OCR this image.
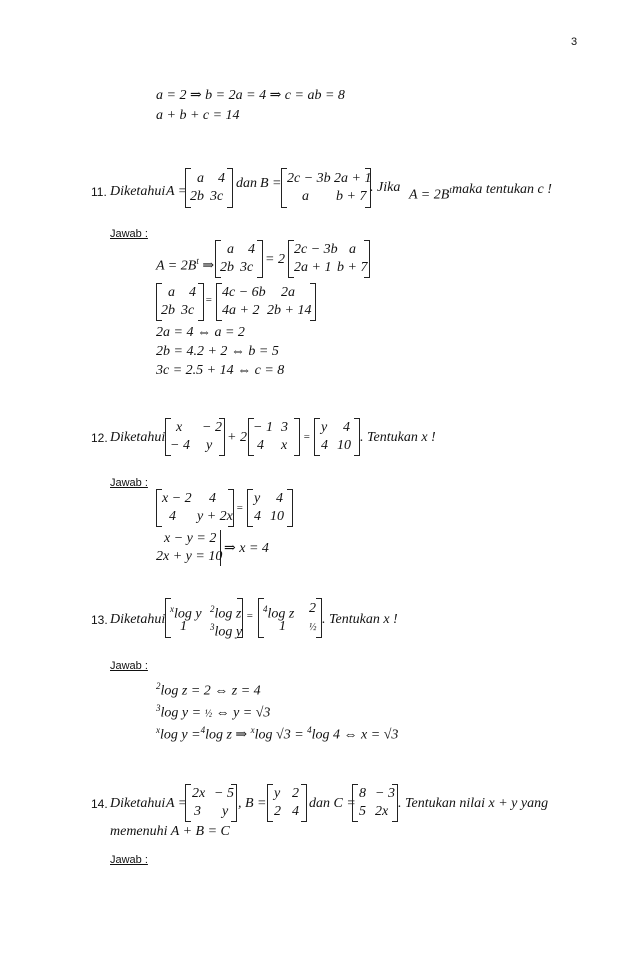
3
a = 2 ⇒ b = 2a = 4 ⇒ c = ab = 8
a + b + c = 14
11. Diketahui A =
a 4
2b 3c
dan B = 2c − 3b 2a + 1
a b + 7
. Jika
$A = 2B^t$ maka tentukan c !
Jawab :
$A = 2B^t$ ⇒
a 4
2b 3c
= 2
2c − 3b a
2a + 1 b + 7
a 4
2b 3c
= 4c − 6b 2a
4a + 2 2b + 14
2a = 4 ⇔ a = 2
2b = 4.2 + 2 ⇔ b = 5
3c = 2.5 + 14 ⇔ c = 8
12. Diketahui
x − 2
− 4 y
+ 2
− 1 3
4 x
=
y 4
4 10
. Tentukan x !
Jawab :
x − 2 4
4 y + 2x
=
y 4
4 10
x − y = 2
2x + y = 10
⇒ x = 4
13. Diketahui
$^x$log y $^2$log z
1	$^3$log y
=
$^4$log z 2
1 ½
. Tentukan x !
Jawab :
$^2$log z = 2 ⇔ z = 4
$^3$log y = ½ ⇔ y = √3
$^x$log y =$^4$log z ⇒ $^x$log √3 = $^4$log 4 ⇔ x = √3
14. Diketahui A =
2x − 5
3 y
, B =
y 2
2 4
dan C =
8 − 3
5 2x
. Tentukan nilai x + y yang
memenuhi A + B = C
Jawab :
